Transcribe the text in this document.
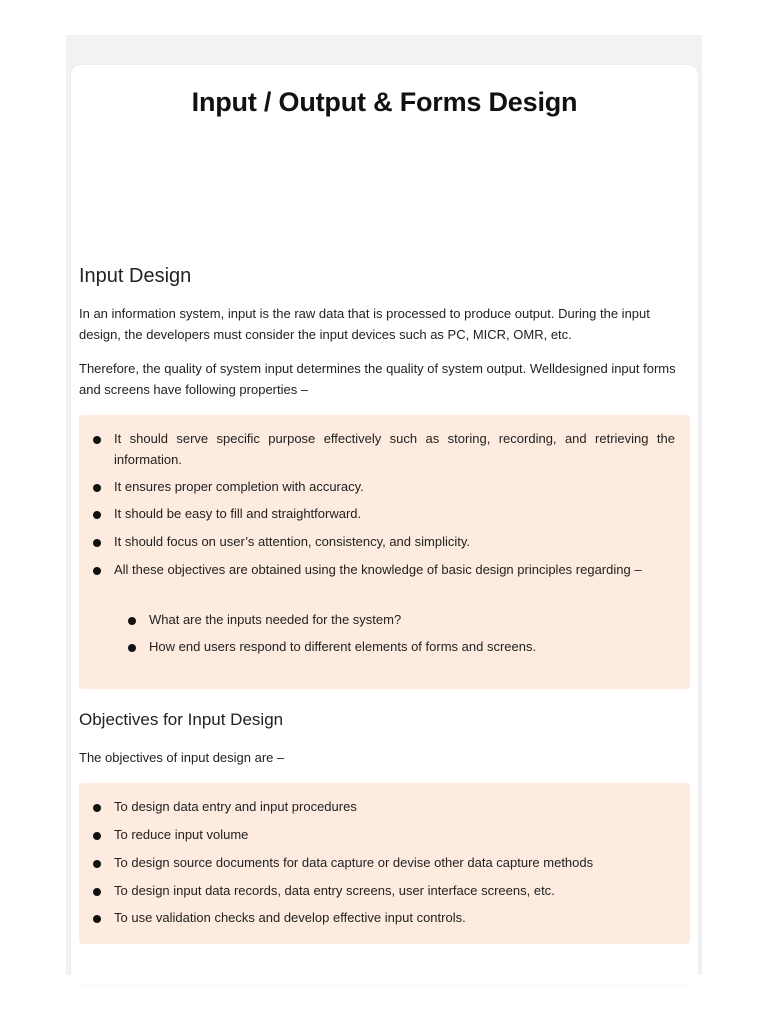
Input / Output & Forms Design
Input Design

In an information system, input is the raw data that is processed to produce output. During the input design, the developers must consider the input devices such as PC, MICR, OMR, etc.

Therefore, the quality of system input determines the quality of system output. Welldesigned input forms and screens have following properties –

It should serve specific purpose effectively such as storing, recording, and retrieving the information.
It ensures proper completion with accuracy.
It should be easy to fill and straightforward.
It should focus on user’s attention, consistency, and simplicity.
All these objectives are obtained using the knowledge of basic design principles regarding –
What are the inputs needed for the system?
How end users respond to different elements of forms and screens.
Objectives for Input Design

The objectives of input design are –

To design data entry and input procedures
To reduce input volume
To design source documents for data capture or devise other data capture methods
To design input data records, data entry screens, user interface screens, etc.
To use validation checks and develop effective input controls.
